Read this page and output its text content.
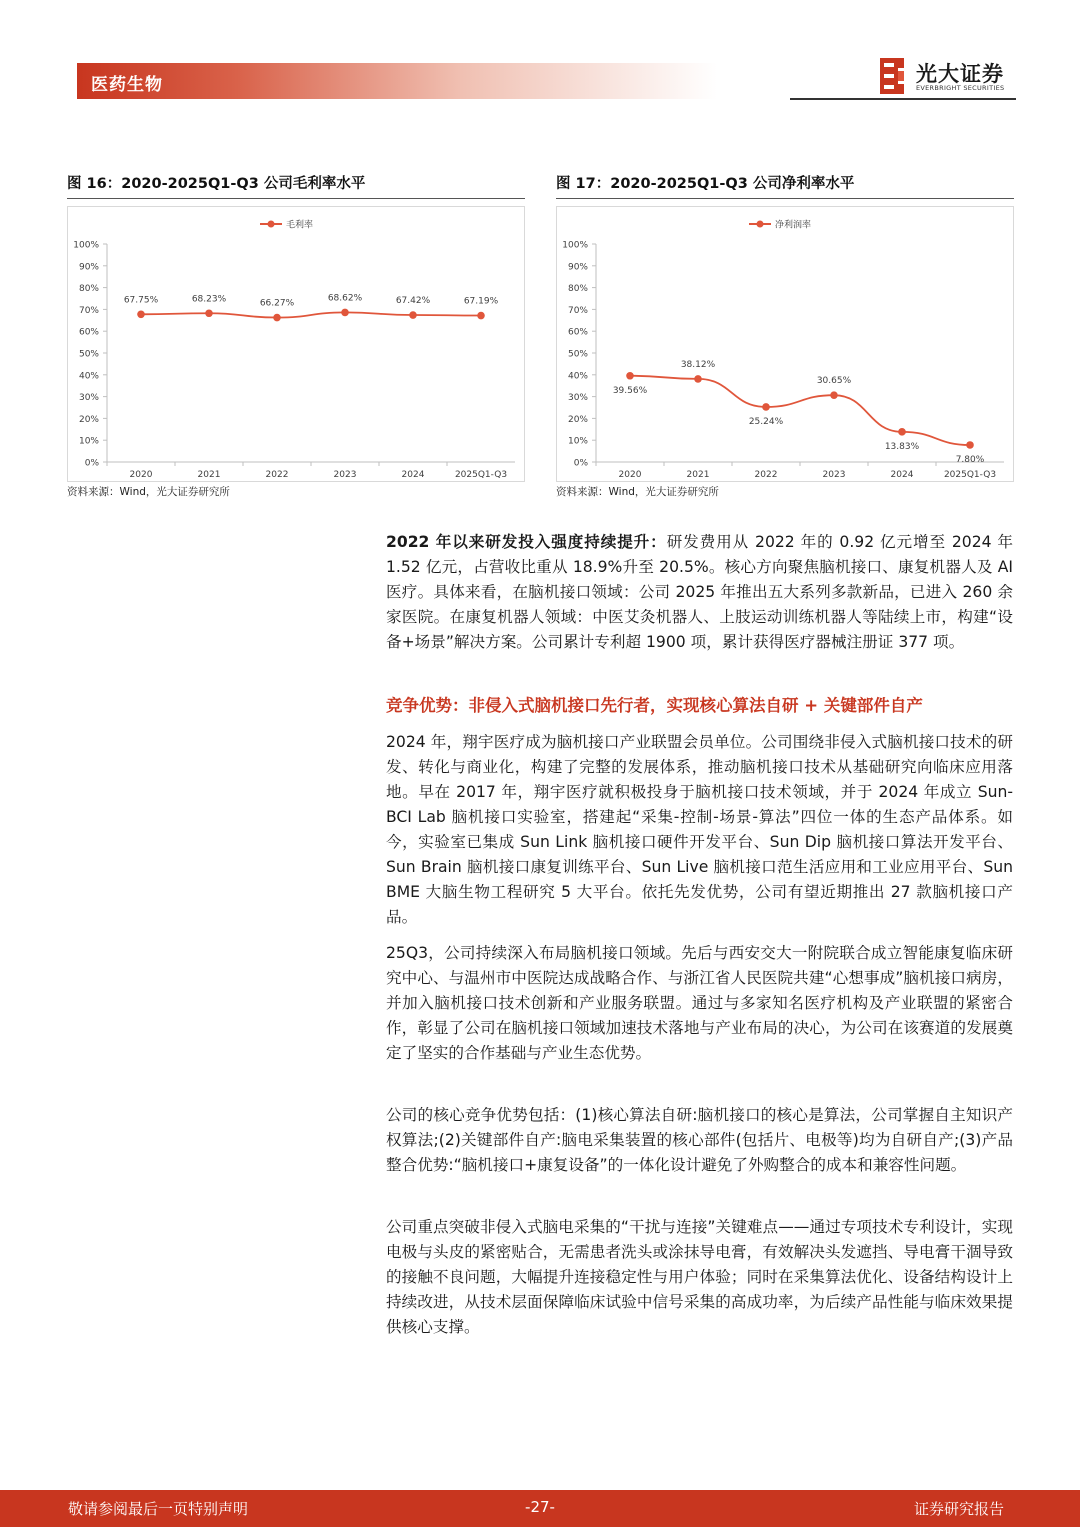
医药生物	光大证券
EVERBRIGHT SECURITIES
图 16：2020-2025Q1-Q3 公司毛利率水平
0%
10%
20%
30%
40%
50%
60%
70%
80%
90%
100%
2020	2021	2022	2023	2024	2025Q1-Q3
毛利率
67.75%	68.23%	66.27%
68.62%	67.42%	67.19%
资料来源：Wind，光大证券研究所
图 17：2020-2025Q1-Q3 公司净利率水平
0%
10%
20%
30%
40%
50%
60%
70%
80%
90%
100%
2020	2021	2022	2023	2024	2025Q1-Q3
净利润率
39.56%
38.12%
25.24%
30.65%
13.83%
7.80%
资料来源：Wind，光大证券研究所

2022 年以来研发投入强度持续提升：研发费用从 2022 年的 0.92 亿元增至 2024 年 1.52 亿元，占营收比重从 18.9%升至 20.5%。核心方向聚焦脑机接口、康复机器人及 AI 医疗。具体来看，在脑机接口领域：公司 2025 年推出五大系列多款新品，已进入 260 余家医院。在康复机器人领域：中医艾灸机器人、上肢运动训练机器人等陆续上市，构建“设备+场景”解决方案。公司累计专利超 1900 项，累计获得医疗器械注册证 377 项。

竞争优势：非侵入式脑机接口先行者，实现核心算法自研 + 关键部件自产

2024 年，翔宇医疗成为脑机接口产业联盟会员单位。公司围绕非侵入式脑机接口技术的研发、转化与商业化，构建了完整的发展体系，推动脑机接口技术从基础研究向临床应用落地。早在 2017 年，翔宇医疗就积极投身于脑机接口技术领域，并于 2024 年成立 Sun-BCI Lab 脑机接口实验室，搭建起“采集-控制-场景-算法”四位一体的生态产品体系。如今，实验室已集成 Sun Link 脑机接口硬件开发平台、Sun Dip 脑机接口算法开发平台、Sun Brain 脑机接口康复训练平台、Sun Live 脑机接口范生活应用和工业应用平台、Sun BME 大脑生物工程研究 5 大平台。依托先发优势，公司有望近期推出 27 款脑机接口产品。

25Q3，公司持续深入布局脑机接口领域。先后与西安交大一附院联合成立智能康复临床研究中心、与温州市中医院达成战略合作、与浙江省人民医院共建“心想事成”脑机接口病房，并加入脑机接口技术创新和产业服务联盟。通过与多家知名医疗机构及产业联盟的紧密合作，彰显了公司在脑机接口领域加速技术落地与产业布局的决心，为公司在该赛道的发展奠定了坚实的合作基础与产业生态优势。

公司的核心竞争优势包括：(1)核心算法自研:脑机接口的核心是算法，公司掌握自主知识产权算法;(2)关键部件自产:脑电采集装置的核心部件(包括片、电极等)均为自研自产;(3)产品整合优势:“脑机接口+康复设备”的一体化设计避免了外购整合的成本和兼容性问题。

公司重点突破非侵入式脑电采集的“干扰与连接”关键难点——通过专项技术专利设计，实现电极与头皮的紧密贴合，无需患者洗头或涂抹导电膏，有效解决头发遮挡、导电膏干涸导致的接触不良问题，大幅提升连接稳定性与用户体验；同时在采集算法优化、设备结构设计上持续改进，从技术层面保障临床试验中信号采集的高成功率，为后续产品性能与临床效果提供核心支撑。

-27-
敬请参阅最后一页特别声明	证券研究报告
